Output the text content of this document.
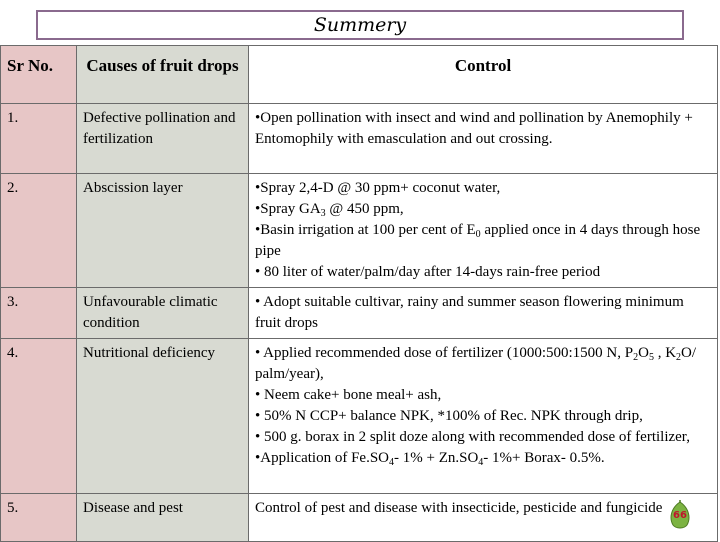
Summery
Sr No.	Causes of fruit drops	Control
1.	Defective pollination and fertilization	•Open pollination with insect and wind and pollination by Anemophily + Entomophily with emasculation and out crossing.

2.	Abscission layer	•Spray 2,4-D @ 30 ppm+ coconut water,
•Spray $GA_3$ @ 450 ppm,
•Basin irrigation at 100 per cent of $E_0$ applied once in 4 days through hose pipe
• 80 liter of water/palm/day after 14-days rain-free period

3.	Unfavourable climatic condition	• Adopt suitable cultivar, rainy and summer season flowering minimum fruit drops

4.	Nutritional deficiency	• Applied recommended dose of fertilizer (1000:500:1500 N, $P_2O_5$ , $K_2O/$ palm/year),
• Neem cake+ bone meal+ ash,
• 50% N CCP+ balance NPK, *100% of Rec. NPK through drip,
• 500 g. borax in 2 split doze along with recommended dose of fertilizer,
•Application of $Fe.SO_4-$ $1\% + Zn.SO_4-$ 1%+ Borax- 0.5%.

5.	Disease and pest	Control of pest and disease with insecticide, pesticide and fungicide	66
